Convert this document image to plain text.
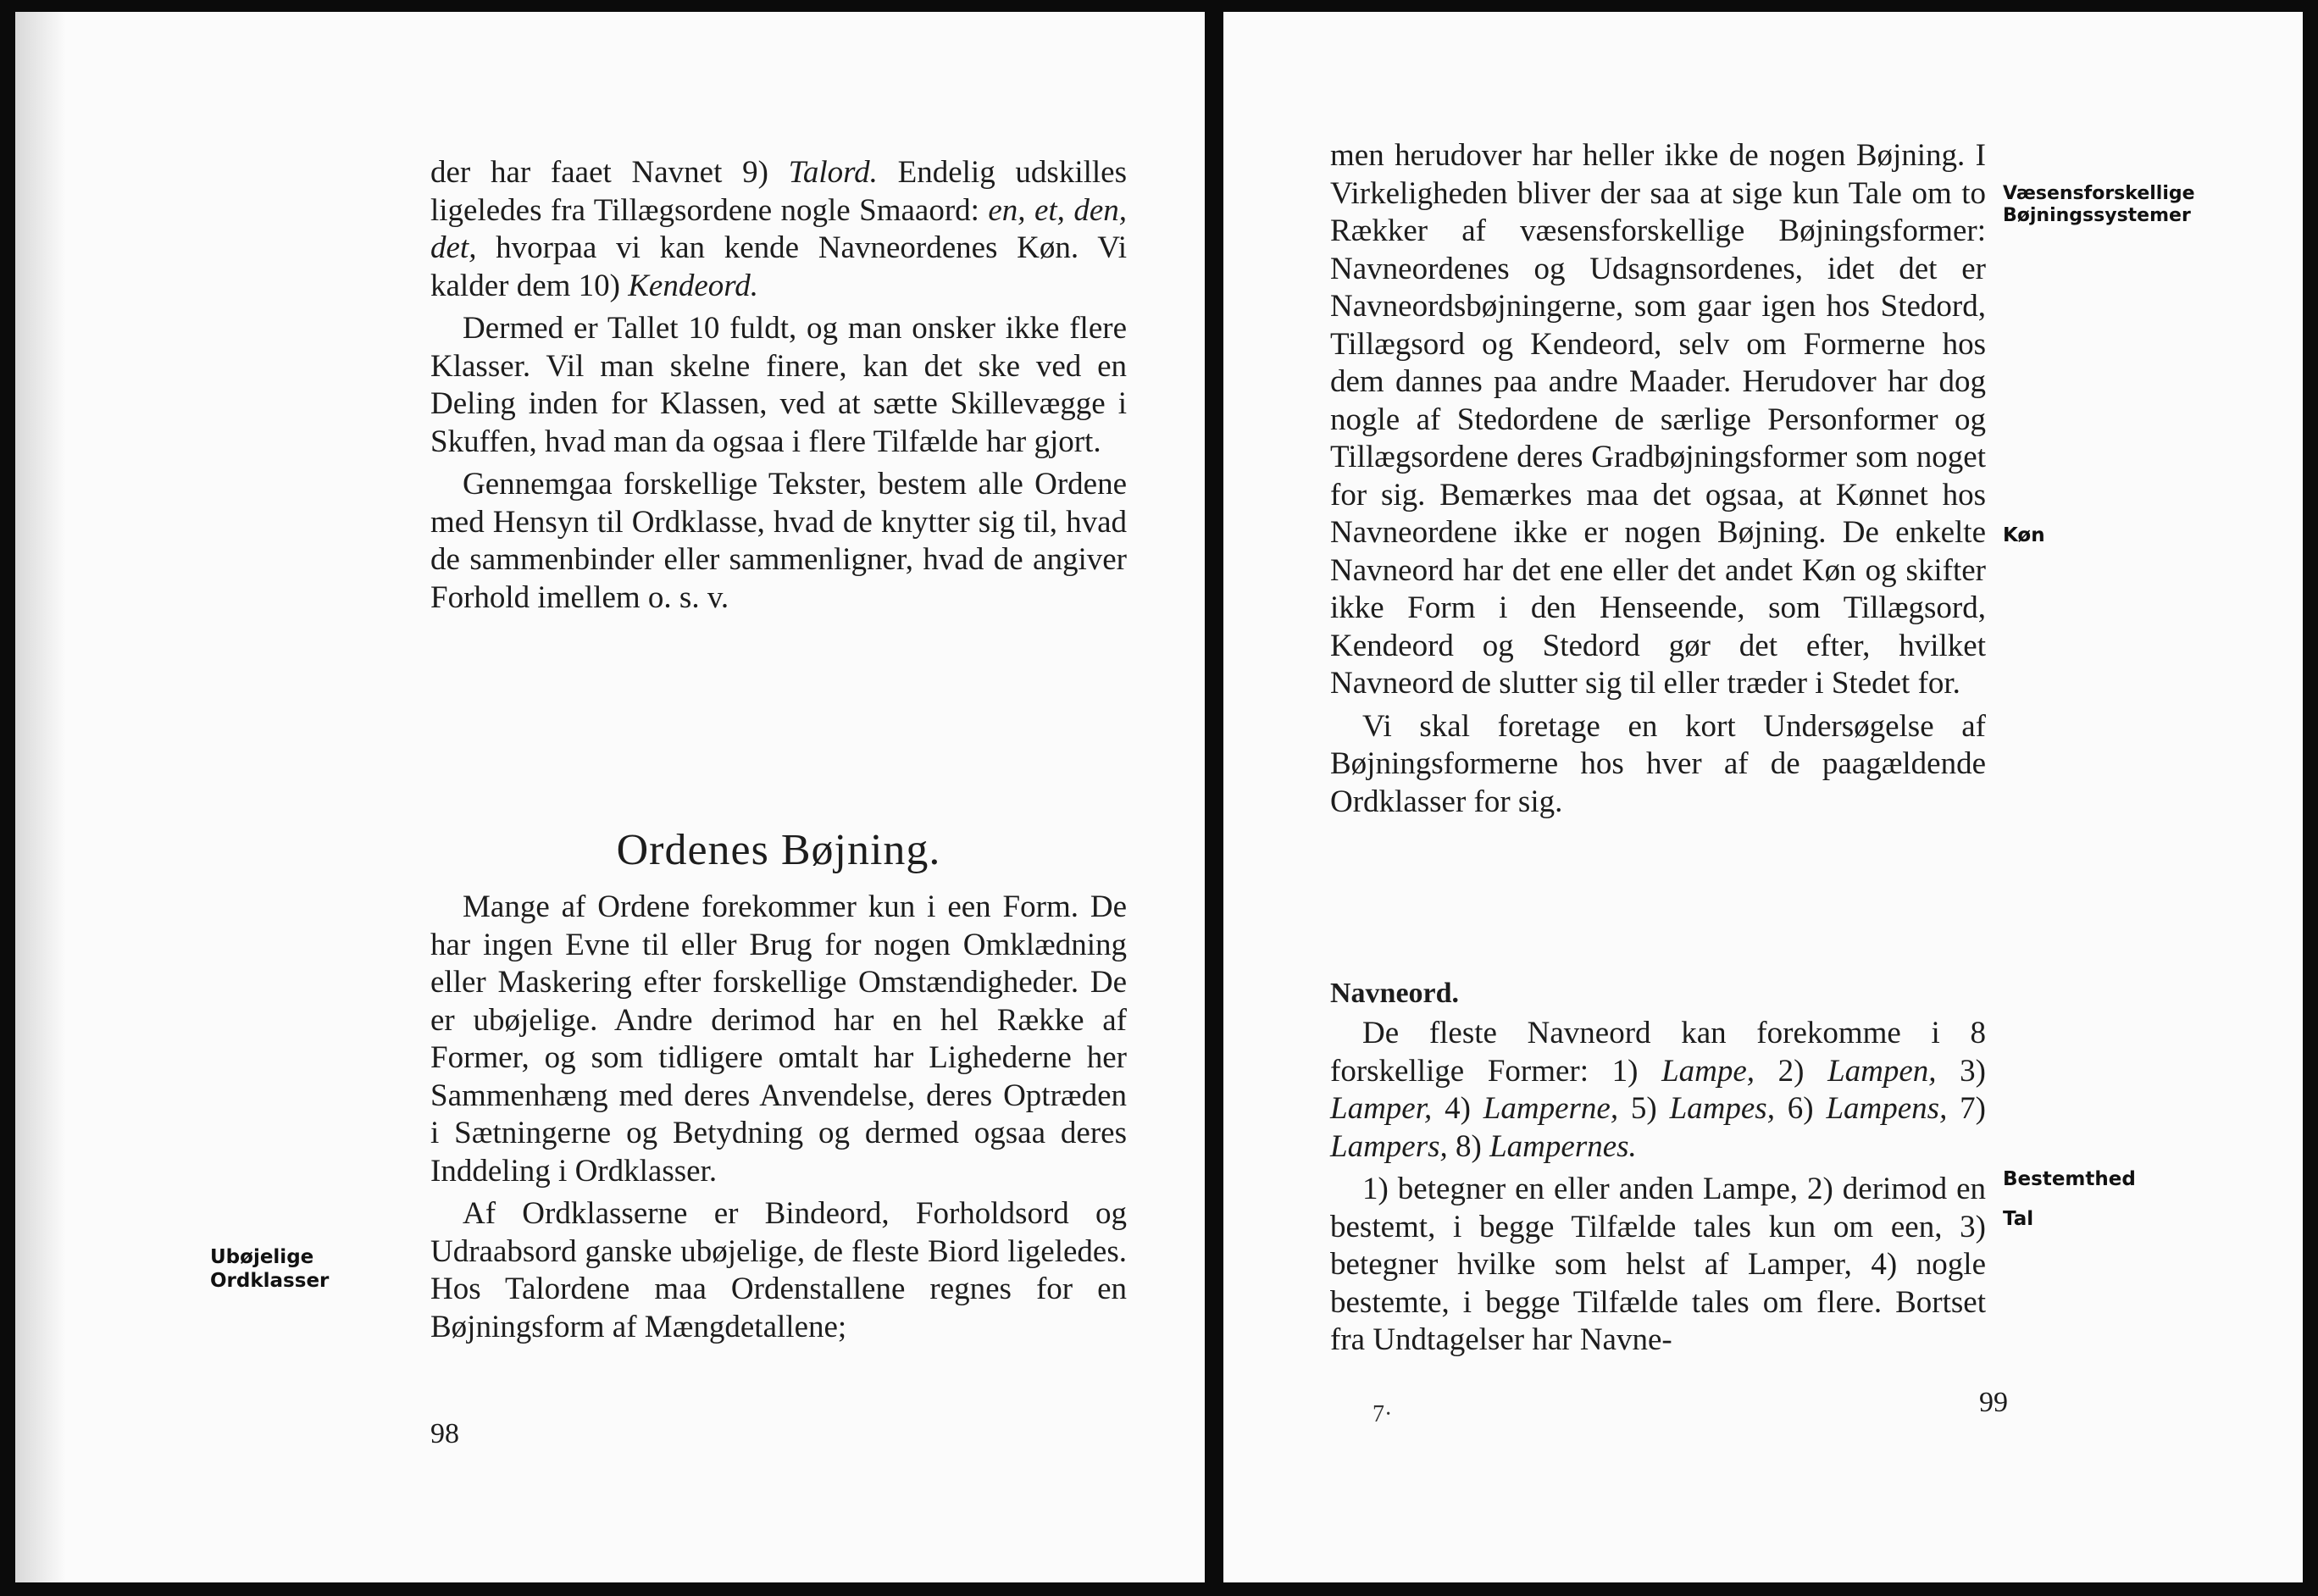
der har faaet Navnet 9) Talord. Endelig udskilles ligeledes fra Tillægsordene nogle Smaaord: en, et, den, det, hvorpaa vi kan kende Navneordenes Køn. Vi kalder dem 10) Kendeord.

Dermed er Tallet 10 fuldt, og man onsker ikke flere Klasser. Vil man skelne finere, kan det ske ved en Deling inden for Klassen, ved at sætte Skillevægge i Skuffen, hvad man da ogsaa i flere Tilfælde har gjort.

Gennemgaa forskellige Tekster, bestem alle Ordene med Hensyn til Ordklasse, hvad de knytter sig til, hvad de sammenbinder eller sammenligner, hvad de angiver Forhold imellem o. s. v.

Ordenes Bøjning.

Mange af Ordene forekommer kun i een Form. De har ingen Evne til eller Brug for nogen Omklædning eller Maskering efter forskellige Omstændigheder. De er ubøjelige. Andre derimod har en hel Række af Former, og som tidligere omtalt har Lighederne her Sammenhæng med deres Anvendelse, deres Optræden i Sætningerne og Betydning og dermed ogsaa deres Inddeling i Ordklasser.

Af Ordklasserne er Bindeord, Forholdsord og Udraabsord ganske ubøjelige, de fleste Biord ligeledes. Hos Talordene maa Ordenstallene regnes for en Bøjningsform af Mængdetallene;

Ubøjelige Ordklasser
98

men herudover har heller ikke de nogen Bøjning. I Virkeligheden bliver der saa at sige kun Tale om to Rækker af væsensforskellige Bøjningsformer: Navneordenes og Udsagnsordenes, idet det er Navneordsbøjningerne, som gaar igen hos Stedord, Tillægsord og Kendeord, selv om Formerne hos dem dannes paa andre Maader. Herudover har dog nogle af Stedordene de særlige Personformer og Tillægsordene deres Gradbøjningsformer som noget for sig. Bemærkes maa det ogsaa, at Kønnet hos Navneordene ikke er nogen Bøjning. De enkelte Navneord har det ene eller det andet Køn og skifter ikke Form i den Henseende, som Tillægsord, Kendeord og Stedord gør det efter, hvilket Navneord de slutter sig til eller træder i Stedet for.

Vi skal foretage en kort Undersøgelse af Bøjningsformerne hos hver af de paagældende Ordklasser for sig.

Væsensforskellige Bøjningssystemer
Køn
Navneord.

De fleste Navneord kan forekomme i 8 forskellige Former: 1) Lampe, 2) Lampen, 3) Lamper, 4) Lamperne, 5) Lampes, 6) Lampens, 7) Lampers, 8) Lampernes.

1) betegner en eller anden Lampe, 2) derimod en bestemt, i begge Tilfælde tales kun om een, 3) betegner hvilke som helst af Lamper, 4) nogle bestemte, i begge Tilfælde tales om flere. Bortset fra Undtagelser har Navne-

Bestemthed
Tal
7·	99
